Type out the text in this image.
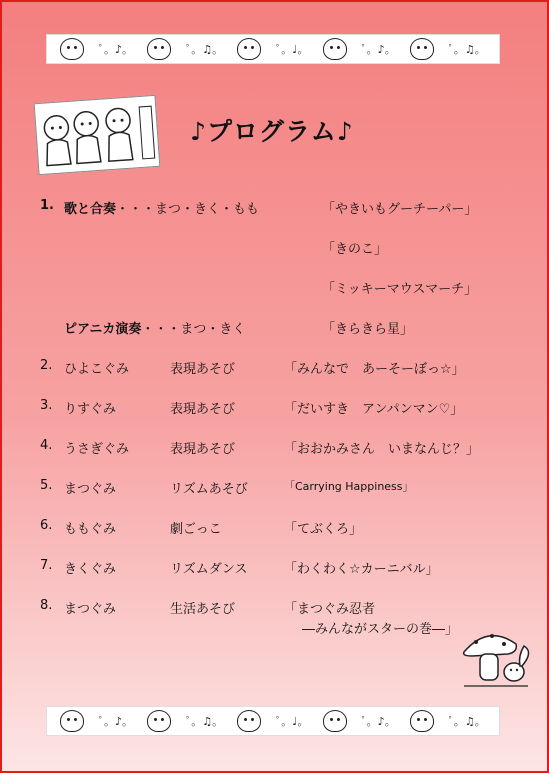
ﾟ。♪。	ﾟ。♫。	ﾟ。♩。	ﾟ。♪。	ﾟ。♫。
♪プログラム♪
1. 歌と合奏・・・まつ・きく・もも	「やきいもグーチーパー」
「きのこ」
「ミッキーマウスマーチ」
ピアニカ演奏・・・まつ・きく	「きらきら星」
2. ひよこぐみ	表現あそび	「みんなで　あーそーぼっ☆」
3. りすぐみ	表現あそび	「だいすき　アンパンマン♡」
4. うさぎぐみ	表現あそび	「おおかみさん　いまなんじ？」
5. まつぐみ	リズムあそび	「Carrying Happiness」
6. ももぐみ	劇ごっこ	「てぶくろ」
7. きくぐみ	リズムダンス	「わくわく☆カーニバル」
8. まつぐみ	生活あそび	「まつぐみ忍者
―みんながスターの巻―」
ﾟ。♪。	ﾟ。♫。	ﾟ。♩。	ﾟ。♪。	ﾟ。♫。
